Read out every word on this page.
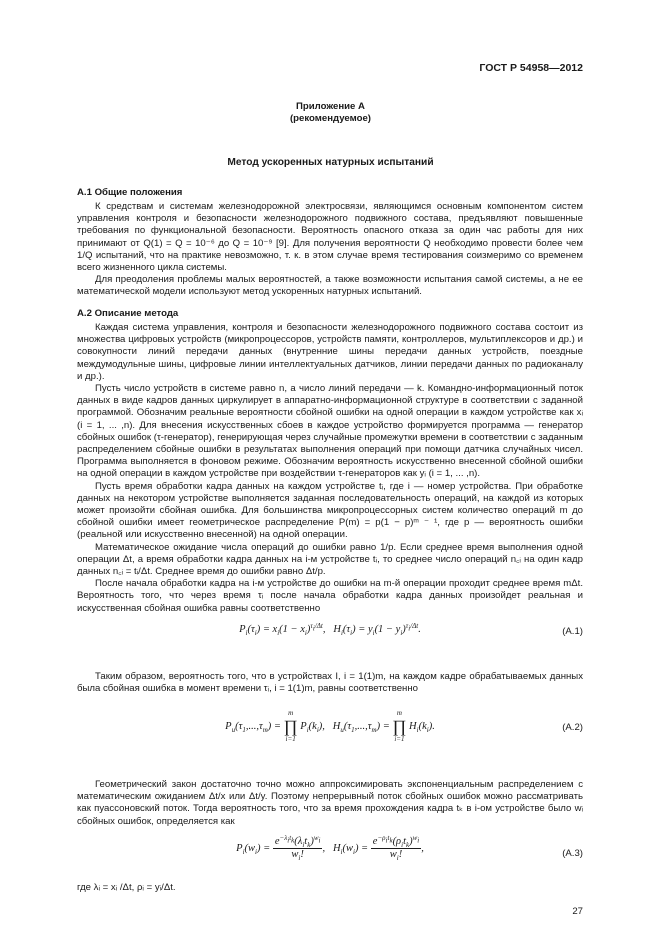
ГОСТ Р 54958—2012
Приложение А
(рекомендуемое)
Метод ускоренных натурных испытаний
А.1 Общие положения

К средствам и системам железнодорожной электросвязи, являющимся основным компонентом систем управления контроля и безопасности железнодорожного подвижного состава, предъявляют повышенные требования по функциональной безопасности. Вероятность опасного отказа за один час работы для них принимают от Q(1) = Q = 10⁻⁶ до Q = 10⁻⁹ [9]. Для получения вероятности Q необходимо провести более чем 1/Q испытаний, что на практике невозможно, т. к. в этом случае время тестирования соизмеримо со временем всего жизненного цикла системы.

Для преодоления проблемы малых вероятностей, а также возможности испытания самой системы, а не ее математической модели используют метод ускоренных натурных испытаний.

А.2 Описание метода

Каждая система управления, контроля и безопасности железнодорожного подвижного состава состоит из множества цифровых устройств (микропроцессоров, устройств памяти, контроллеров, мультиплексоров и др.) и совокупности линий передачи данных (внутренние шины передачи данных устройств, поездные междумодульные шины, цифровые линии интеллектуальных датчиков, линии передачи данных по радиоканалу и др.).

Пусть число устройств в системе равно n, а число линий передачи — k. Командно-информационный поток данных в виде кадров данных циркулирует в аппаратно-информационной структуре в соответствии с заданной программой. Обозначим реальные вероятности сбойной ошибки на одной операции в каждом устройстве как xᵢ (i = 1, ... ,n). Для внесения искусственных сбоев в каждое устройство формируется программа — генератор сбойных ошибок (τ-генератор), генерирующая через случайные промежутки времени в соответствии с заданным распределением сбойные ошибки в результатах выполнения операций при помощи датчика случайных чисел. Программа выполняется в фоновом режиме. Обозначим вероятность искусственно внесенной сбойной ошибки на одной операции в каждом устройстве при воздействии τ-генераторов как yᵢ (i = 1, ... ,n).

Пусть время обработки кадра данных на каждом устройстве tᵢ, где i — номер устройства. При обработке данных на некотором устройстве выполняется заданная последовательность операций, на каждой из которых может произойти сбойная ошибка. Для большинства микропроцессорных систем количество операций m до сбойной ошибки имеет геометрическое распределение P(m) = p(1 − p)ᵐ ⁻ ¹, где p — вероятность ошибки (реальной или искусственно внесенной) на одной операции.

Математическое ожидание числа операций до ошибки равно 1/p. Если среднее время выполнения одной операции Δt, а время обработки кадра данных на i-м устройстве tᵢ, то среднее число операций n꜀ᵢ на один кадр данных n꜀ᵢ = tᵢ/Δt. Среднее время до ошибки равно Δt/p.

После начала обработки кадра на i-м устройстве до ошибки на m-й операции проходит среднее время mΔt. Вероятность того, что через время τᵢ после начала обработки кадра данных произойдет реальная и искусственная сбойная ошибка равны соответственно

$P_i(\tau_i) = x_i(1 - x_i)^{\tau_i/\Delta t}$,   $H_i(\tau_i) = y_i(1 - y_i)^{\tau_i/\Delta t}$.	(А.1)

Таким образом, вероятность того, что в устройствах I, i = 1(1)m, на каждом кадре обрабатываемых данных была сбойная ошибка в момент времени τᵢ, i = 1(1)m, равны соответственно

$P_u(\tau_1,...,\tau_m)$ =
m
∏
i=1
$P_i(k_i)$,   $H_u(\tau_1,...,\tau_m)$ =
m
∏
i=1
$H_i(k_i)$.	(А.2)

Геометрический закон достаточно точно можно аппроксимировать экспоненциальным распределением с математическим ожиданием Δt/x или Δt/y. Поэтому непрерывный поток сбойных ошибок можно рассматривать как пуассоновский поток. Тогда вероятность того, что за время прохождения кадра tₖ в i-ом устройстве было wᵢ сбойных ошибок, определяется как

$P_i(w_i) = \frac{e^{-\lambda_it_k}(\lambda_it_k)^{w_i}}{w_i!}$ ,   $H_i(w_i) = \frac{e^{-\rho_it_k}(\rho_it_k)^{w_i}}{w_i!}$ ,	(А.3)

где λᵢ = xᵢ /Δt, ρᵢ = yᵢ/Δt.

27
